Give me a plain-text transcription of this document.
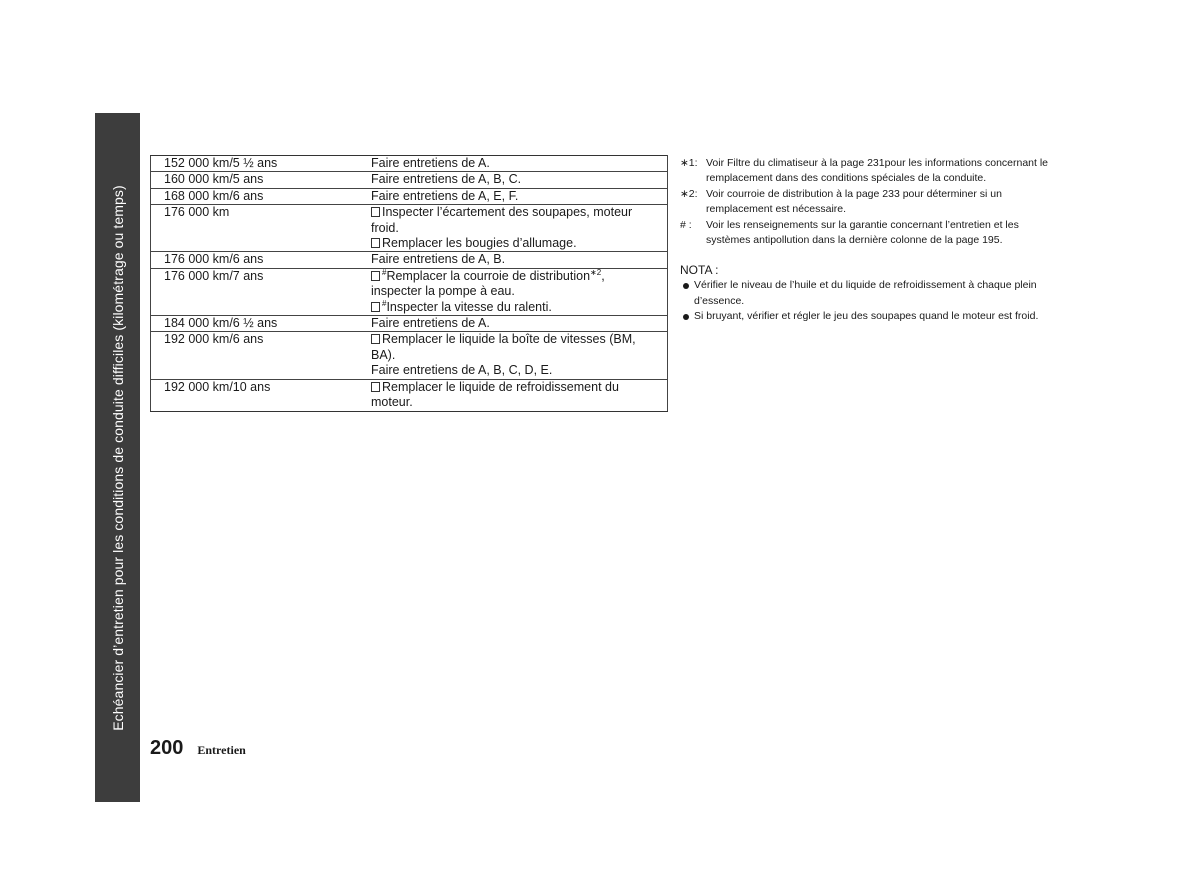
Echéancier d’entretien pour les conditions de conduite difficiles (kilométrage ou temps)
152 000 km/5 ½ ans	Faire entretiens de A.

160 000 km/5 ans	Faire entretiens de A, B, C.

168 000 km/6 ans	Faire entretiens de A, E, F.

176 000 km	Inspecter l’écartement des soupapes, moteur froid.
Remplacer les bougies d’allumage.

176 000 km/6 ans	Faire entretiens de A, B.

176 000 km/7 ans	#Remplacer la courroie de distribution$^{∗2}$,
inspecter la pompe à eau.
#Inspecter la vitesse du ralenti.

184 000 km/6 ½ ans	Faire entretiens de A.

192 000 km/6 ans	Remplacer le liquide la boîte de vitesses (BM, BA).
Faire entretiens de A, B, C, D, E.

192 000 km/10 ans	Remplacer le liquide de refroidissement du moteur.
∗1: Voir Filtre du climatiseur à la page 231pour les informations concernant le remplacement dans des conditions spéciales de la conduite.
∗2: Voir courroie de distribution à la page 233 pour déterminer si un remplacement est nécessaire.
# : Voir les renseignements sur la garantie concernant l’entretien et les systèmes antipollution dans la dernière colonne de la page 195.
NOTA :
Vérifier le niveau de l’huile et du liquide de refroidissement à chaque plein d’essence.
Si bruyant, vérifier et régler le jeu des soupapes quand le moteur est froid.
200 Entretien
